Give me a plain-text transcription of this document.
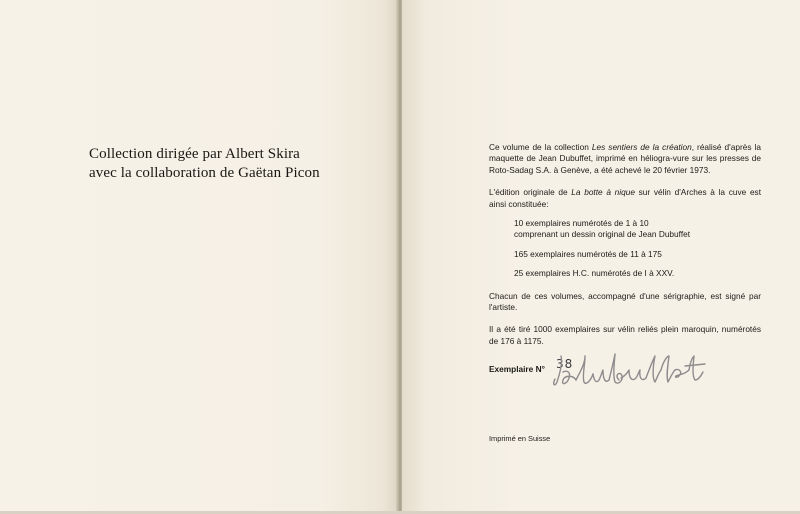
Collection dirigée par Albert Skira
avec la collaboration de Gaëtan Picon

Ce volume de la collection Les sentiers de la création, réalisé d'après la maquette de Jean Dubuffet, imprimé en héliogra-vure sur les presses de Roto-Sadag S.A. à Genève, a été achevé le 20 février 1973.

L'édition originale de La botte à nique sur vélin d'Arches à la cuve est ainsi constituée:

10 exemplaires numérotés de 1 à 10
comprenant un dessin original de Jean Dubuffet
165 exemplaires numérotés de 11 à 175
25 exemplaires H.C. numérotés de I à XXV.

Chacun de ces volumes, accompagné d'une sérigraphie, est signé par l'artiste.

Il a été tiré 1000 exemplaires sur vélin reliés plein maroquin, numérotés de 176 à 1175.

Exemplaire N° 38
Imprimé en Suisse
